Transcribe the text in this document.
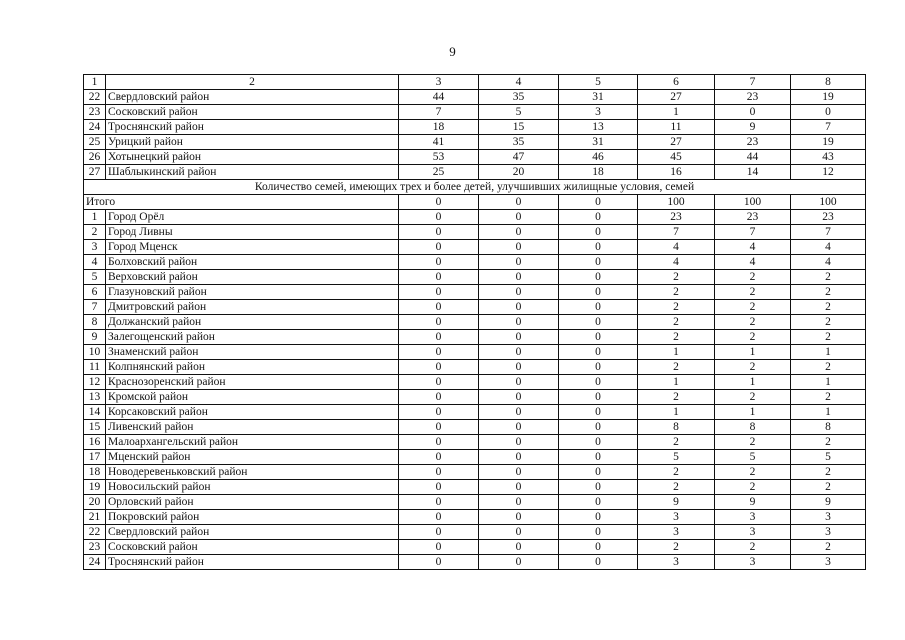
9
1	2	3	4	5	6	7	8
22	Свердловский район	44	35	31	27	23	19
23	Сосковский район	7	5	3	1	0	0
24	Троснянский район	18	15	13	11	9	7
25	Урицкий район	41	35	31	27	23	19
26	Хотынецкий район	53	47	46	45	44	43
27	Шаблыкинский район	25	20	18	16	14	12
Количество семей, имеющих трех и более детей, улучшивших жилищные условия, семей							
Итого		0	0	0	100	100	100
1	Город Орёл	0	0	0	23	23	23
2	Город Ливны	0	0	0	7	7	7
3	Город Мценск	0	0	0	4	4	4
4	Болховский район	0	0	0	4	4	4
5	Верховский район	0	0	0	2	2	2
6	Глазуновский район	0	0	0	2	2	2
7	Дмитровский район	0	0	0	2	2	2
8	Должанский район	0	0	0	2	2	2
9	Залегощенский район	0	0	0	2	2	2
10	Знаменский район	0	0	0	1	1	1
11	Колпнянский район	0	0	0	2	2	2
12	Краснозоренский район	0	0	0	1	1	1
13	Кромской район	0	0	0	2	2	2
14	Корсаковский район	0	0	0	1	1	1
15	Ливенский район	0	0	0	8	8	8
16	Малоархангельский район	0	0	0	2	2	2
17	Мценский район	0	0	0	5	5	5
18	Новодеревеньковский район	0	0	0	2	2	2
19	Новосильский район	0	0	0	2	2	2
20	Орловский район	0	0	0	9	9	9
21	Покровский район	0	0	0	3	3	3
22	Свердловский район	0	0	0	3	3	3
23	Сосковский район	0	0	0	2	2	2
24	Троснянский район	0	0	0	3	3	3
